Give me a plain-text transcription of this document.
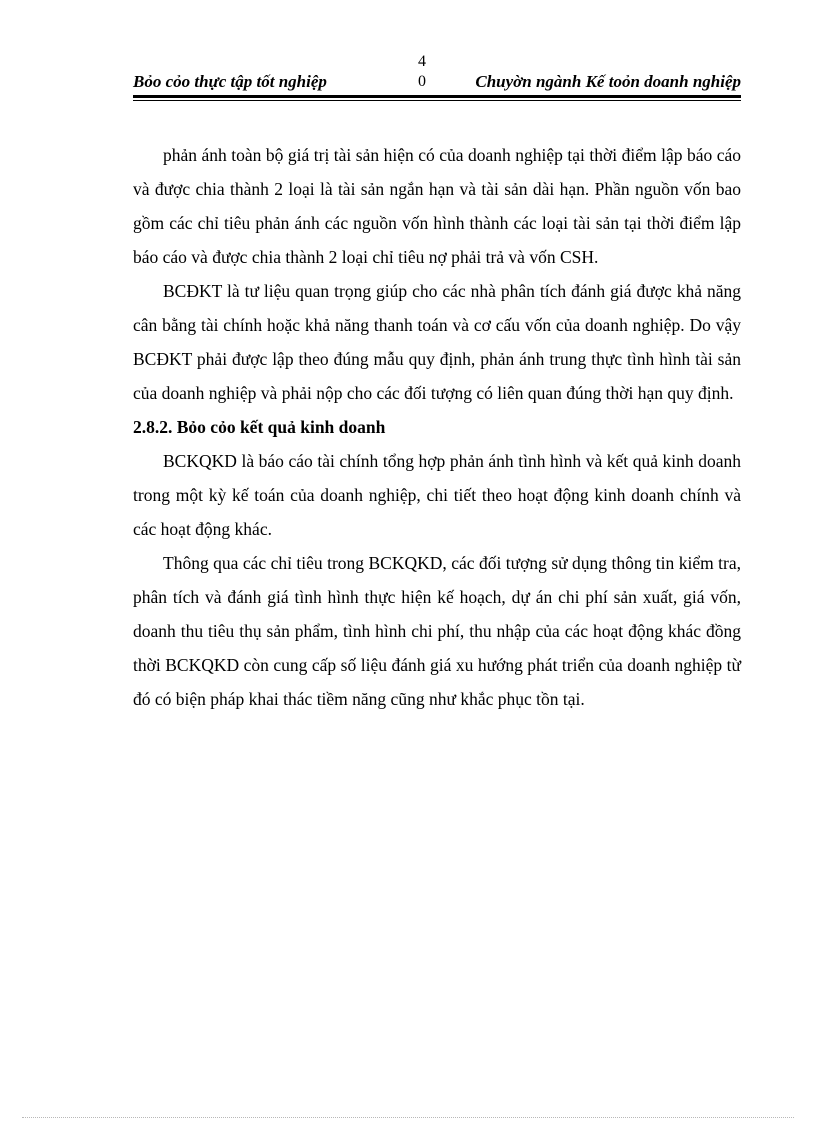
Bỏo cỏo thực tập tốt nghiệp
4
0	Chuyờn ngành Kế toỏn doanh nghiệp

phản ánh toàn bộ giá trị tài sản hiện có của doanh nghiệp tại thời điểm lập báo cáo và được chia thành 2 loại là tài sản ngắn hạn và tài sản dài hạn. Phần nguồn vốn bao gồm các chỉ tiêu phản ánh các nguồn vốn hình thành các loại tài sản tại thời điểm lập báo cáo và được chia thành 2 loại chỉ tiêu nợ phải trả và vốn CSH.

BCĐKT là tư liệu quan trọng giúp cho các nhà phân tích đánh giá được khả năng cân bằng tài chính hoặc khả năng thanh toán và cơ cấu vốn của doanh nghiệp. Do vậy BCĐKT phải được lập theo đúng mẫu quy định, phản ánh trung thực tình hình tài sản của doanh nghiệp và phải nộp cho các đối tượng có liên quan đúng thời hạn quy định.

2.8.2. Bỏo cỏo kết quả kinh doanh

BCKQKD là báo cáo tài chính tổng hợp phản ánh tình hình và kết quả kinh doanh trong một kỳ kế toán của doanh nghiệp, chi tiết theo hoạt động kinh doanh chính và các hoạt động khác.

Thông qua các chỉ tiêu trong BCKQKD, các đối tượng sử dụng thông tin kiểm tra, phân tích và đánh giá tình hình thực hiện kế hoạch, dự án chi phí sản xuất, giá vốn, doanh thu tiêu thụ sản phẩm, tình hình chi phí, thu nhập của các hoạt động khác đồng thời BCKQKD còn cung cấp số liệu đánh giá xu hướng phát triển của doanh nghiệp từ đó có biện pháp khai thác tiềm năng cũng như khắc phục tồn tại.
